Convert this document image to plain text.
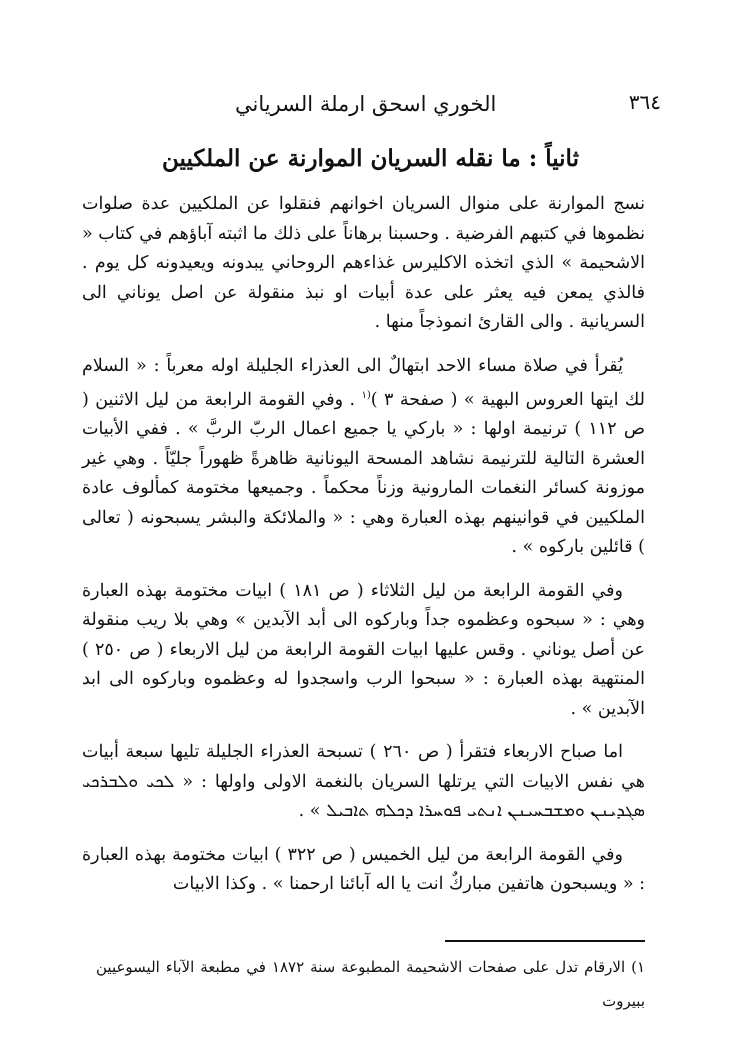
٣٦٤
الخوري اسحق ارملة السرياني
ثانياً : ما نقله السريان الموارنة عن الملكيين

نسج الموارنة على منوال السريان اخوانهم فنقلوا عن الملكيين عدة صلوات نظموها في كتبهم الفرضية . وحسبنا برهاناً على ذلك ما اثبته آباؤهم في كتاب « الاشحيمة » الذي اتخذه الاكليرس غذاءهم الروحاني يبدونه ويعيدونه كل يوم . فالذي يمعن فيه يعثر على عدة أبيات او نبذ منقولة عن اصل يوناني الى السريانية . والى القارئ انموذجاً منها .

يُقرأ في صلاة مساء الاحد ابتهالٌ الى العذراء الجليلة اوله معرباً : « السلام لك ايتها العروس البهية » ( صفحة ٣ )$^{(١}$ . وفي القومة الرابعة من ليل الاثنين ( ص ١١٢ ) ترنيمة اولها : « باركي يا جميع اعمال الربّ الربَّ » . ففي الأبيات العشرة التالية للترنيمة نشاهد المسحة اليونانية ظاهرةً ظهوراً جليّاً . وهي غير موزونة كسائر النغمات المارونية وزناً محكماً . وجميعها مختومة كمألوف عادة الملكيين في قوانينهم بهذه العبارة وهي : « والملائكة والبشر يسبحونه ( تعالى ) قائلين باركوه » .

وفي القومة الرابعة من ليل الثلاثاء ( ص ١٨١ ) ابيات مختومة بهذه العبارة وهي : « سبحوه وعظموه جداً وباركوه الى أبد الآبدين » وهي بلا ريب منقولة عن أصل يوناني . وقس عليها ابيات القومة الرابعة من ليل الاربعاء ( ص ٢٥٠ ) المنتهية بهذه العبارة : « سبحوا الرب واسجدوا له وعظموه وباركوه الى ابد الآبدين » .

اما صباح الاربعاء فتقرأ ( ص ٢٦٠ ) تسبحة العذراء الجليلة تليها سبعة أبيات هي نفس الابيات التي يرتلها السريان بالنغمة الاولى واولها : « ܠܟܝ ܘܠܒܪܟܝ ܣܓܕܝܢܢ ܘܡܫܒܚܝܢܢ ܐܢܬܝ ܦܘܚܪܐ ܕܟܠܗ ܬܐܒܝܠ » .

وفي القومة الرابعة من ليل الخميس ( ص ٣٢٢ ) ابيات مختومة بهذه العبارة : « ويسبحون هاتفين مباركٌ انت يا اله آبائنا ارحمنا » . وكذا الابيات

١) الارقام تدل على صفحات الاشحيمة المطبوعة سنة ١٨٧٢ في مطبعة الآباء اليسوعيين ببيروت
